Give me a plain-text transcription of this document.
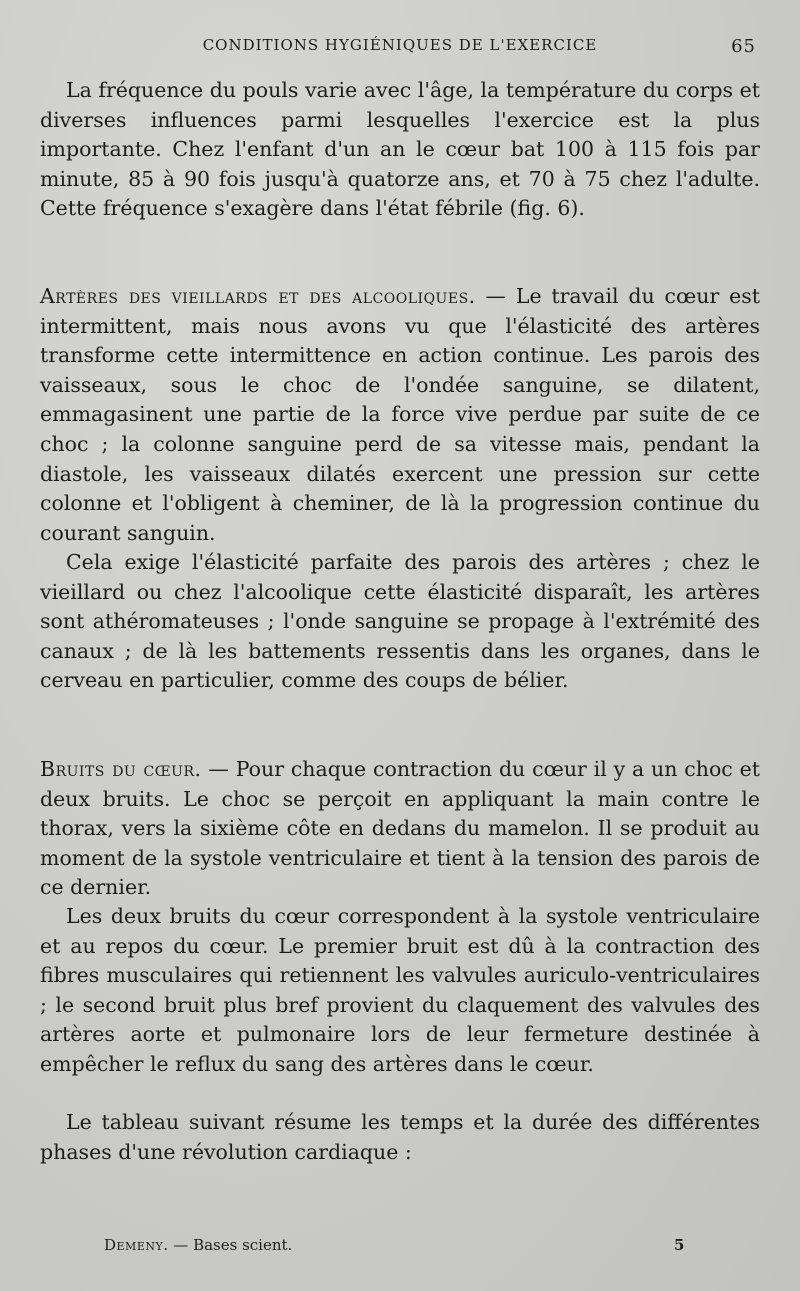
CONDITIONS HYGIÉNIQUES DE L'EXERCICE	65

La fréquence du pouls varie avec l'âge, la température du corps et diverses influences parmi lesquelles l'exercice est la plus importante. Chez l'enfant d'un an le cœur bat 100 à 115 fois par minute, 85 à 90 fois jusqu'à quatorze ans, et 70 à 75 chez l'adulte. Cette fréquence s'exagère dans l'état fébrile (fig. 6).

Artères des vieillards et des alcooliques. — Le travail du cœur est intermittent, mais nous avons vu que l'élasticité des artères transforme cette intermittence en action continue. Les parois des vaisseaux, sous le choc de l'ondée sanguine, se dilatent, emmagasinent une partie de la force vive perdue par suite de ce choc ; la colonne sanguine perd de sa vitesse mais, pendant la diastole, les vaisseaux dilatés exercent une pression sur cette colonne et l'obligent à cheminer, de là la progression continue du courant sanguin.

Cela exige l'élasticité parfaite des parois des artères ; chez le vieillard ou chez l'alcoolique cette élasticité disparaît, les artères sont athéromateuses ; l'onde sanguine se propage à l'extrémité des canaux ; de là les battements ressentis dans les organes, dans le cerveau en particulier, comme des coups de bélier.

Bruits du cœur. — Pour chaque contraction du cœur il y a un choc et deux bruits. Le choc se perçoit en appliquant la main contre le thorax, vers la sixième côte en dedans du mamelon. Il se produit au moment de la systole ventriculaire et tient à la tension des parois de ce dernier.

Les deux bruits du cœur correspondent à la systole ventriculaire et au repos du cœur. Le premier bruit est dû à la contraction des fibres musculaires qui retiennent les valvules auriculo-ventriculaires ; le second bruit plus bref provient du claquement des valvules des artères aorte et pulmonaire lors de leur fermeture destinée à empêcher le reflux du sang des artères dans le cœur.

Le tableau suivant résume les temps et la durée des différentes phases d'une révolution cardiaque :

Demeny. — Bases scient.	5
